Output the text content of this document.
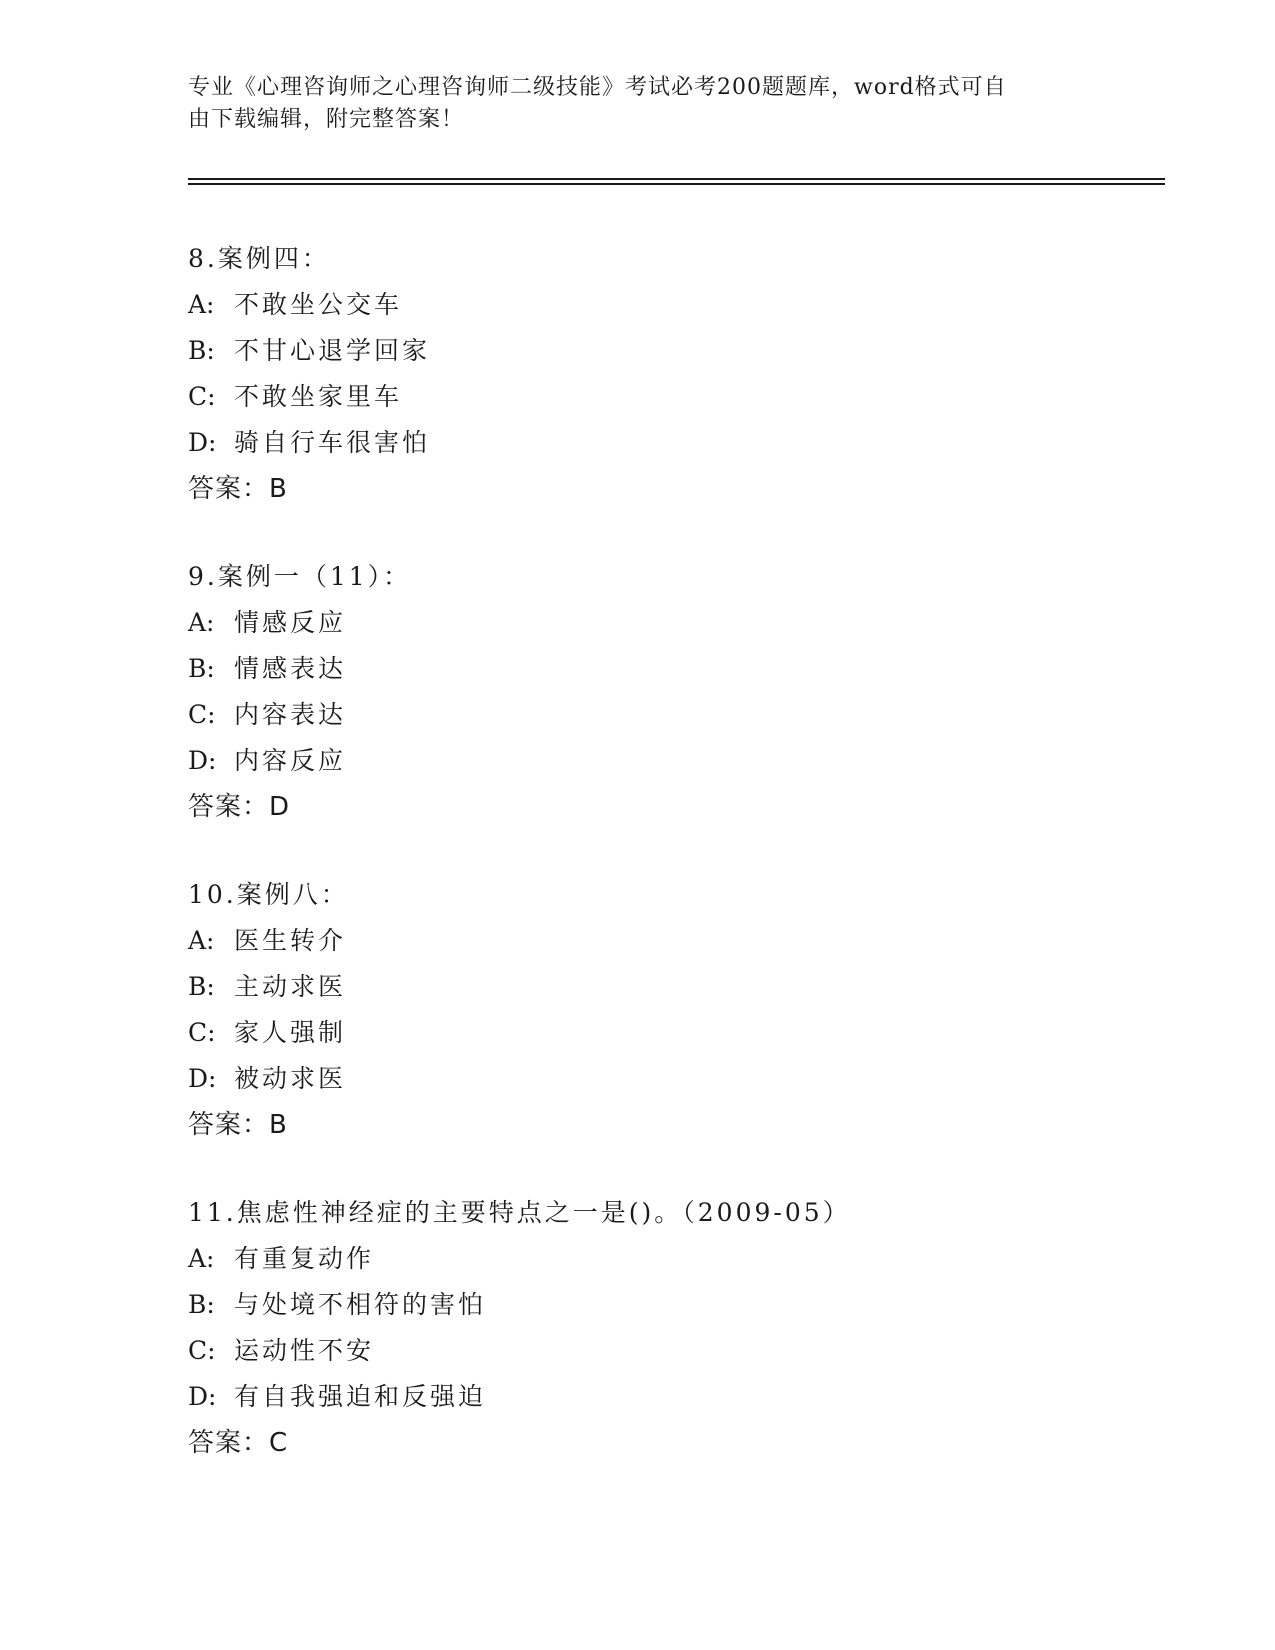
专业《心理咨询师之心理咨询师二级技能》考试必考200题题库，word格式可自
由下载编辑，附完整答案！
8.案例四：
A: 不敢坐公交车
B: 不甘心退学回家
C: 不敢坐家里车
D: 骑自行车很害怕
答案：B
9.案例一（11）：
A: 情感反应
B: 情感表达
C: 内容表达
D: 内容反应
答案：D
10.案例八：
A: 医生转介
B: 主动求医
C: 家人强制
D: 被动求医
答案：B
11.焦虑性神经症的主要特点之一是()。（2009-05）
A: 有重复动作
B: 与处境不相符的害怕
C: 运动性不安
D: 有自我强迫和反强迫
答案：C
